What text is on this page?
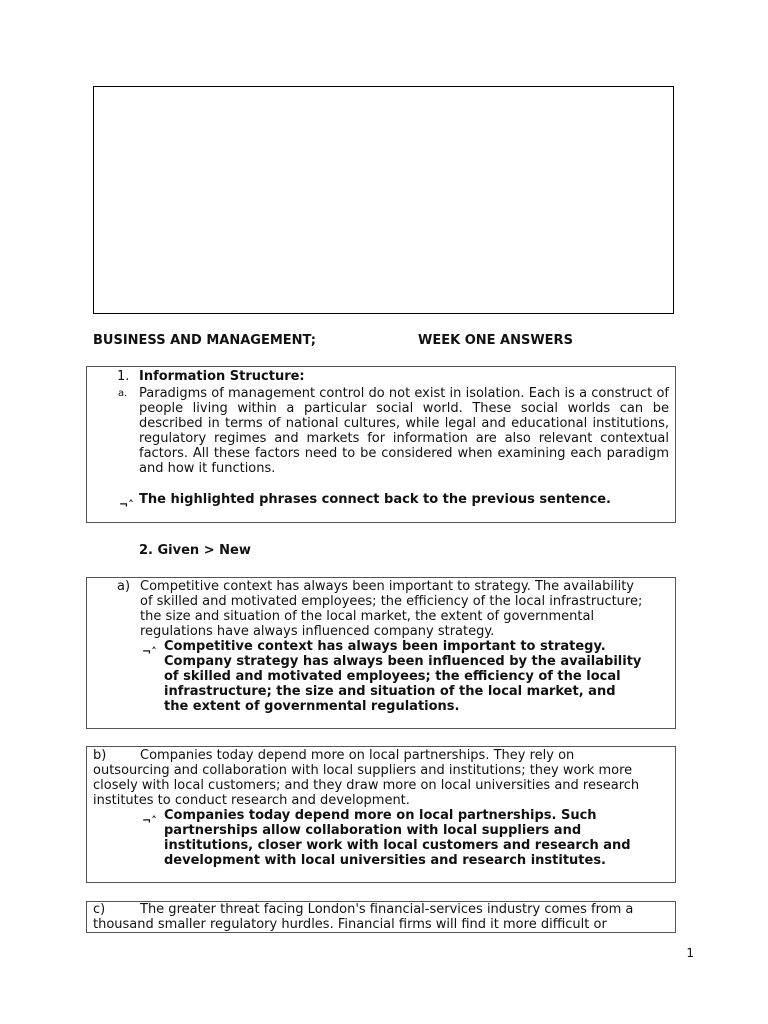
BUSINESS AND MANAGEMENT;	WEEK ONE ANSWERS
1. Information Structure:
a. Paradigms of management control do not exist in isolation. Each is a construct of people living within a particular social world. These social worlds can be described in terms of national cultures, while legal and educational institutions, regulatory regimes and markets for information are also relevant contextual factors. All these factors need to be considered when examining each paradigm and how it functions.
¬˄ The highlighted phrases connect back to the previous sentence.
2. Given > New
a) Competitive context has always been important to strategy. The availability
of skilled and motivated employees; the efficiency of the local infrastructure;
the size and situation of the local market, the extent of governmental
regulations have always influenced company strategy.
¬˄ Competitive context has always been important to strategy.
Company strategy has always been influenced by the availability
of skilled and motivated employees; the efficiency of the local
infrastructure; the size and situation of the local market, and
the extent of governmental regulations.
b)	Companies today depend more on local partnerships. They rely on
outsourcing and collaboration with local suppliers and institutions; they work more
closely with local customers; and they draw more on local universities and research
institutes to conduct research and development.
¬˄ Companies today depend more on local partnerships. Such
partnerships allow collaboration with local suppliers and
institutions, closer work with local customers and research and
development with local universities and research institutes.
c)	The greater threat facing London's financial-services industry comes from a
thousand smaller regulatory hurdles. Financial firms will find it more difficult or
1
